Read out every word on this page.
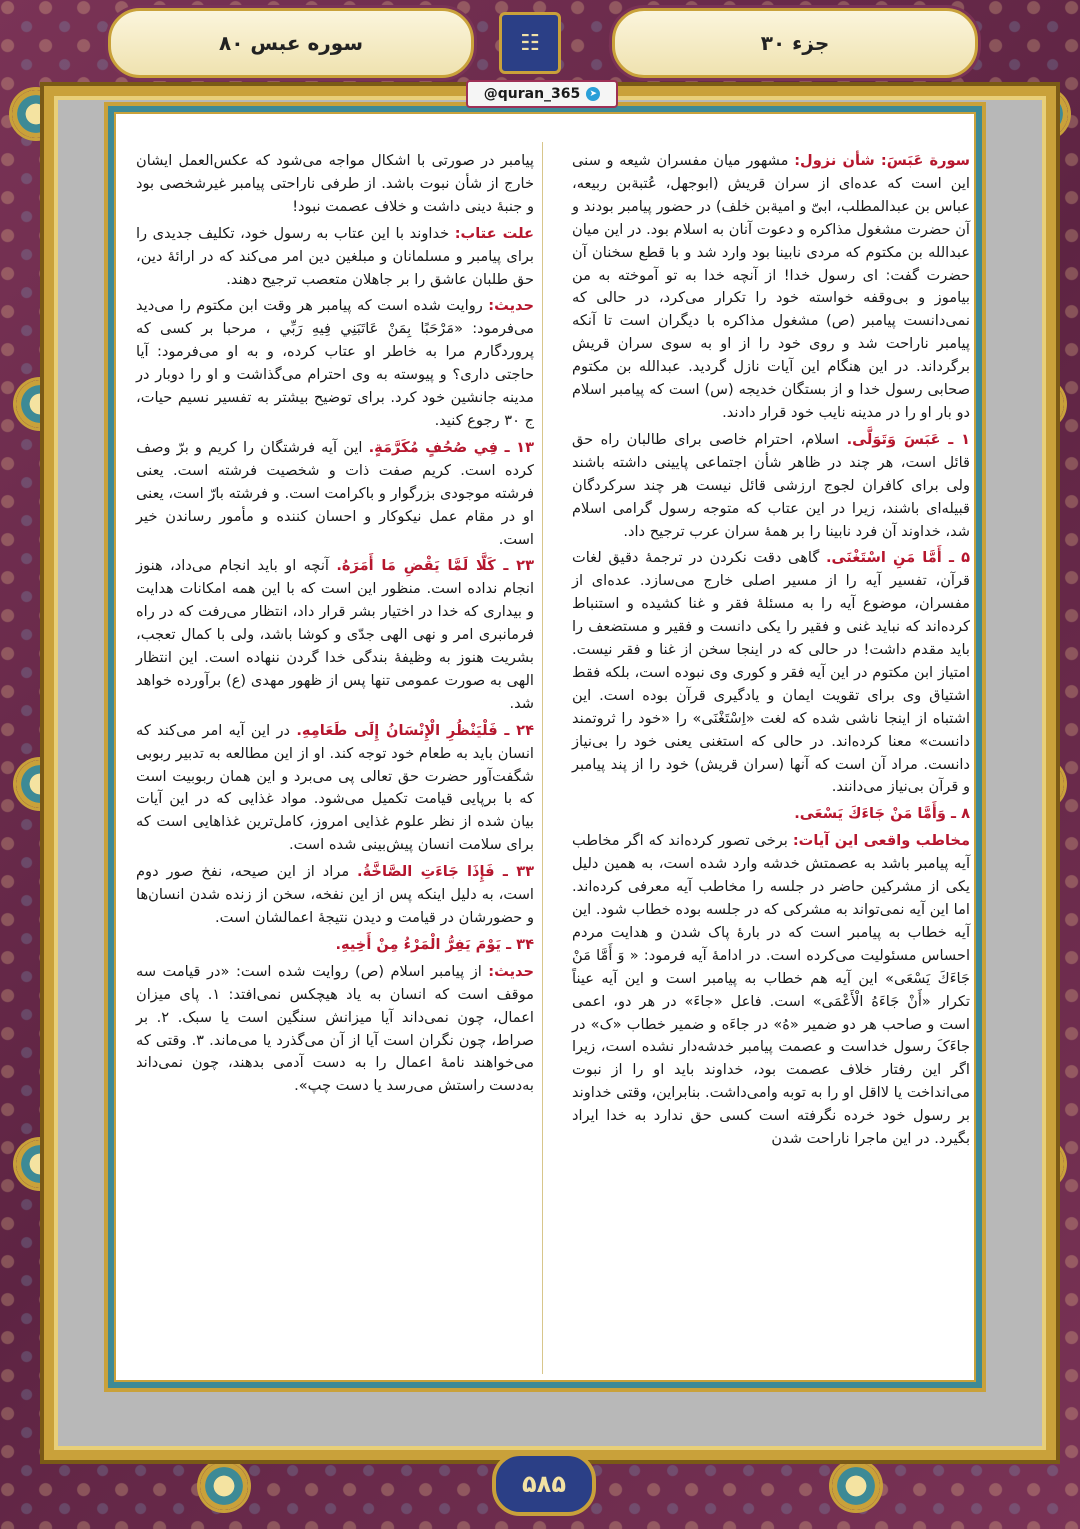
جزء ۳۰
سوره عبس ۸۰	☷
@quran_365	➤

سورة عَبَسَ: شأن نزول: مشهور میان مفسران شیعه و سنی این است که عده‌ای از سران قریش (ابوجهل، عُتبةبن ربیعه، عباس بن عبدالمطلب، ابیّ و امیةبن خلف) در حضور پیامبر بودند و آن حضرت مشغول مذاکره و دعوت آنان به اسلام بود. در این میان عبدالله بن مکتوم که مردی نابینا بود وارد شد و با قطع سخنان آن حضرت گفت: ای رسول خدا! از آنچه خدا به تو آموخته به من بیاموز و بی‌وقفه خواسته خود را تکرار می‌کرد، در حالی که نمی‌دانست پیامبر (ص) مشغول مذاکره با دیگران است تا آنکه پیامبر ناراحت شد و روی خود را از او به سوی سران قریش برگرداند. در این هنگام این آیات نازل گردید. عبدالله بن مکتوم صحابی رسول خدا و از بستگان خدیجه (س) است که پیامبر اسلام دو بار او را در مدینه نایب خود قرار دادند.

۱ ـ عَبَسَ وَتَوَلَّى. اسلام، احترام خاصی برای طالبان راه حق قائل است، هر چند در ظاهر شأن اجتماعی پایینی داشته باشند ولی برای کافران لجوج ارزشی قائل نیست هر چند سرکردگان قبیله‌ای باشند، زیرا در این عتاب که متوجه رسول گرامی اسلام شد، خداوند آن فرد نابینا را بر همهٔ سران عرب ترجیح داد.

۵ ـ أَمَّا مَنِ اسْتَغْنَى. گاهی دقت نکردن در ترجمهٔ دقیق لغات قرآن، تفسیر آیه را از مسیر اصلی خارج می‌سازد. عده‌ای از مفسران، موضوع آیه را به مسئلهٔ فقر و غنا کشیده و استنباط کرده‌اند که نباید غنی و فقیر را یکی دانست و فقیر و مستضعف را باید مقدم داشت! در حالی که در اینجا سخن از غنا و فقر نیست. امتیاز ابن مکتوم در این آیه فقر و کوری وی نبوده است، بلکه فقط اشتیاق وی برای تقویت ایمان و یادگیری قرآن بوده است. این اشتباه از اینجا ناشی شده که لغت «اِسْتَغْنَى» را «خود را ثروتمند دانست» معنا کرده‌اند. در حالی که استغنی یعنی خود را بی‌نیاز دانست. مراد آن است که آنها (سران قریش) خود را از پند پیامبر و قرآن بی‌نیاز می‌دانند.

۸ ـ وَأَمَّا مَنْ جَاءَكَ يَسْعَى.

مخاطب واقعی این آیات: برخی تصور کرده‌اند که اگر مخاطب آیه پیامبر باشد به عصمتش خدشه وارد شده است، به همین دلیل یکی از مشرکین حاضر در جلسه را مخاطب آیه معرفی کرده‌اند. اما این آیه نمی‌تواند به مشرکی که در جلسه بوده خطاب شود. این آیه خطاب به پیامبر است که در بارهٔ پاک شدن و هدایت مردم احساس مسئولیت می‌کرده است. در ادامهٔ آیه فرمود: « وَ أَمَّا مَنْ جَاءَكَ يَسْعَى» این آیه هم خطاب به پیامبر است و این آیه عیناً تکرار «أَنْ جَاءَهُ الْأَعْمَى» است. فاعل «جاءَ» در هر دو، اعمی است و صاحب هر دو ضمیر «هُ» در جاءَه و ضمیر خطاب «ک» در جاءَکَ رسول خداست و عصمت پیامبر خدشه‌دار نشده است، زیرا اگر این رفتار خلاف عصمت بود، خداوند باید او را از نبوت می‌انداخت یا لااقل او را به توبه وامی‌داشت. بنابراین، وقتی خداوند بر رسول خود خرده نگرفته است کسی حق ندارد به خدا ایراد بگیرد. در این ماجرا ناراحت شدن

پیامبر در صورتی با اشکال مواجه می‌شود که عکس‌العمل ایشان خارج از شأن نبوت باشد. از طرفی ناراحتی پیامبر غیرشخصی بود و جنبهٔ دینی داشت و خلاف عصمت نبود!

علت عتاب: خداوند با این عتاب به رسول خود، تکلیف جدیدی را برای پیامبر و مسلمانان و مبلغین دین امر می‌کند که در ارائهٔ دین، حق طلبان عاشق را بر جاهلان متعصب ترجیح دهند.

حدیث: روایت شده است که پیامبر هر وقت ابن مکتوم را می‌دید می‌فرمود: «مَرْحَبًا بِمَنْ عَاتَبَنِي فِيهِ رَبِّي ، مرحبا بر کسی که پروردگارم مرا به خاطر او عتاب کرده، و به او می‌فرمود: آیا حاجتی داری؟ و پیوسته به وی احترام می‌گذاشت و او را دوبار در مدینه جانشین خود کرد. برای توضیح بیشتر به تفسیر نسیم حیات، ج ۳۰ رجوع کنید.

۱۳ ـ فِي صُحُفٍ مُكَرَّمَةٍ. این آیه فرشتگان را کریم و برّ وصف کرده است. کریم صفت ذات و شخصیت فرشته است. یعنی فرشته موجودی بزرگوار و باکرامت است. و فرشته بارّ است، یعنی او در مقام عمل نیکوکار و احسان کننده و مأمور رساندن خیر است.

۲۳ ـ كَلَّا لَمَّا يَقْضِ مَا أَمَرَهُ. آنچه او باید انجام می‌داد، هنوز انجام نداده است. منظور این است که با این همه امکانات هدایت و بیداری که خدا در اختیار بشر قرار داد، انتظار می‌رفت که در راه فرمانبری امر و نهی الهی جدّی و کوشا باشد، ولی با کمال تعجب، بشریت هنوز به وظیفهٔ بندگی خدا گردن ننهاده است. این انتظار الهی به صورت عمومی تنها پس از ظهور مهدی (ع) برآورده خواهد شد.

۲۴ ـ فَلْيَنْظُرِ الْإِنْسَانُ إِلَى طَعَامِهِ. در این آیه امر می‌کند که انسان باید به طعام خود توجه کند. او از این مطالعه به تدبیر ربوبی شگفت‌آور حضرت حق تعالی پی می‌برد و این همان ربوبیت است که با برپایی قیامت تکمیل می‌شود. مواد غذایی که در این آیات بیان شده از نظر علوم غذایی امروز، کامل‌ترین غذاهایی است که برای سلامت انسان پیش‌بینی شده است.

۳۳ ـ فَإِذَا جَاءَتِ الصَّاخَّةُ. مراد از این صیحه، نفخ صور دوم است، به دلیل اینکه پس از این نفخه، سخن از زنده شدن انسان‌ها و حضورشان در قیامت و دیدن نتیجهٔ اعمالشان است.

۳۴ ـ يَوْمَ يَفِرُّ الْمَرْءُ مِنْ أَخِيهِ.

حدیث: از پیامبر اسلام (ص) روایت شده است: «در قیامت سه موقف است که انسان به یاد هیچکس نمی‌افتد: ۱. پای میزان اعمال، چون نمی‌داند آیا میزانش سنگین است یا سبک. ۲. بر صراط، چون نگران است آیا از آن می‌گذرد یا می‌ماند. ۳. وقتی که می‌خواهند نامهٔ اعمال را به دست آدمی بدهند، چون نمی‌داند به‌دست راستش می‌رسد یا دست چپ».

۵۸۵
